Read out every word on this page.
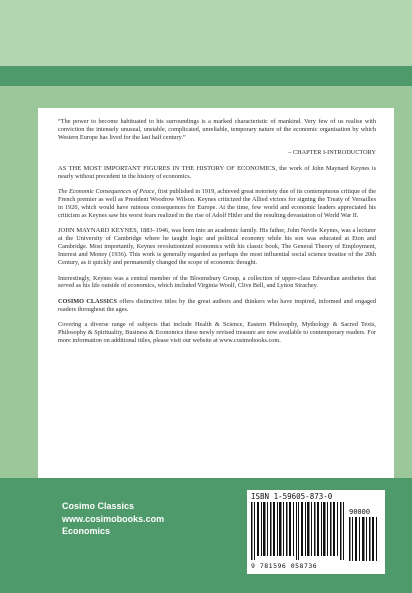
“The power to become habituated to his surroundings is a marked characteristic of mankind. Very few of us realise with conviction the intensely unusual, unstable, complicated, unreliable, temporary nature of the economic organisation by which Western Europe has lived for the last half century.”

– CHAPTER I-INTRODUCTORY

AS THE MOST IMPORTANT FIGURES IN THE HISTORY OF ECONOMICS, the work of John Maynard Keynes is nearly without precedent in the history of economics.

The Economic Consequences of Peace, first published in 1919, achieved great notoriety due of its contemptuous critique of the French premier as well as President Woodrow Wilson. Keynes criticized the Allied victors for signing the Treaty of Versailles in 1920, which would have ruinous consequences for Europe. At the time, few world and economic leaders appreciated his criticism as Keynes saw his worst fears realized in the rise of Adolf Hitler and the resulting devastation of World War II.

JOHN MAYNARD KEYNES, 1883–1946, was born into an academic family. His father, John Nevile Keynes, was a lecturer at the University of Cambridge where he taught logic and political economy while his son was educated at Eton and Cambridge. Most importantly, Keynes revolutionized economics with his classic book, The General Theory of Employment, Interest and Money (1936). This work is generally regarded as perhaps the most influential social science treatise of the 20th Century, as it quickly and permanently changed the scope of economic thought.

Interestingly, Keynes was a central member of the Bloomsbury Group, a collection of upper-class Edwardian aesthetes that served as his life outside of economics, which included Virginia Woolf, Clive Bell, and Lytton Strachey.

COSIMO CLASSICS offers distinctive titles by the great authors and thinkers who have inspired, informed and engaged readers throughout the ages.

Covering a diverse range of subjects that include Health & Science, Eastern Philosophy, Mythology & Sacred Texts, Philosophy & Spirituality, Business & Economics these newly revised treasure are now available to contemporary readers. For more information on additional titles, please visit our website at www.cosimobooks.com.

Cosimo Classics
www.cosimobooks.com
Economics
ISBN 1-59605-873-0
90000
9 781596 058736
